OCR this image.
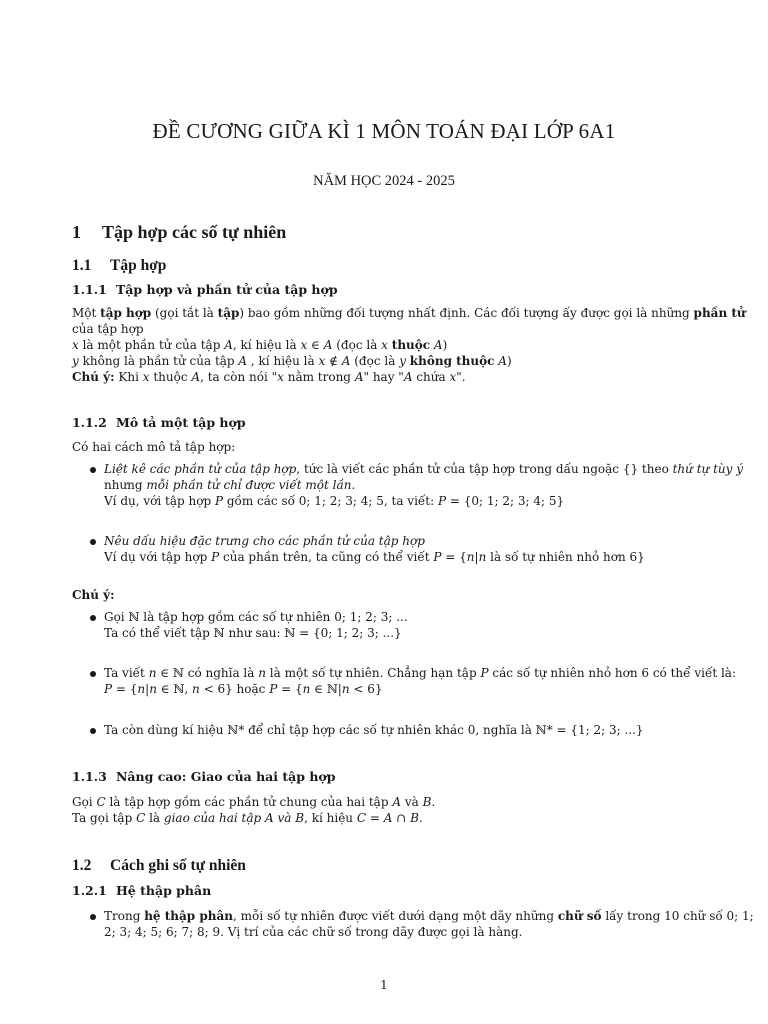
ĐỀ CƯƠNG GIỮA KÌ 1 MÔN TOÁN ĐẠI LỚP 6A1
NĂM HỌC 2024 - 2025
1 Tập hợp các số tự nhiên
1.1 Tập hợp
1.1.1 Tập hợp và phần tử của tập hợp
Một tập hợp (gọi tắt là tập) bao gồm những đối tượng nhất định. Các đối tượng ấy được gọi là những phần tử
của tập hợp
x là một phần tử của tập A, kí hiệu là x ∈ A (đọc là x thuộc A)
y không là phần tử của tập A , kí hiệu là x ∉ A (đọc là y không thuộc A)
Chú ý: Khi x thuộc A, ta còn nói "x nằm trong A" hay "A chứa x".
1.1.2 Mô tả một tập hợp
Có hai cách mô tả tập hợp:
Liệt kê các phần tử của tập hợp, tức là viết các phần tử của tập hợp trong dấu ngoặc {} theo thứ tự tùy ý
nhưng mỗi phần tử chỉ được viết một lần.
Ví dụ, với tập hợp P gồm các số 0; 1; 2; 3; 4; 5, ta viết: P = {0; 1; 2; 3; 4; 5}
Nêu dấu hiệu đặc trưng cho các phần tử của tập hợp
Ví dụ với tập hợp P của phần trên, ta cũng có thể viết P = {n|n là số tự nhiên nhỏ hơn 6}
Chú ý:
Gọi ℕ là tập hợp gồm các số tự nhiên 0; 1; 2; 3; ...
Ta có thể viết tập ℕ như sau: ℕ = {0; 1; 2; 3; ...}
Ta viết n ∈ ℕ có nghĩa là n là một số tự nhiên. Chẳng hạn tập P các số tự nhiên nhỏ hơn 6 có thể viết là:
P = {n|n ∈ ℕ, n < 6} hoặc P = {n ∈ ℕ|n < 6}
Ta còn dùng kí hiệu ℕ* để chỉ tập hợp các số tự nhiên khác 0, nghĩa là ℕ* = {1; 2; 3; ...}
1.1.3 Nâng cao: Giao của hai tập hợp
Gọi C là tập hợp gồm các phần tử chung của hai tập A và B.
Ta gọi tập C là giao của hai tập A và B, kí hiệu C = A ∩ B.
1.2 Cách ghi số tự nhiên
1.2.1 Hệ thập phân
Trong hệ thập phân, mỗi số tự nhiên được viết dưới dạng một dãy những chữ số lấy trong 10 chữ số 0; 1;
2; 3; 4; 5; 6; 7; 8; 9. Vị trí của các chữ số trong dãy được gọi là hàng.
1
